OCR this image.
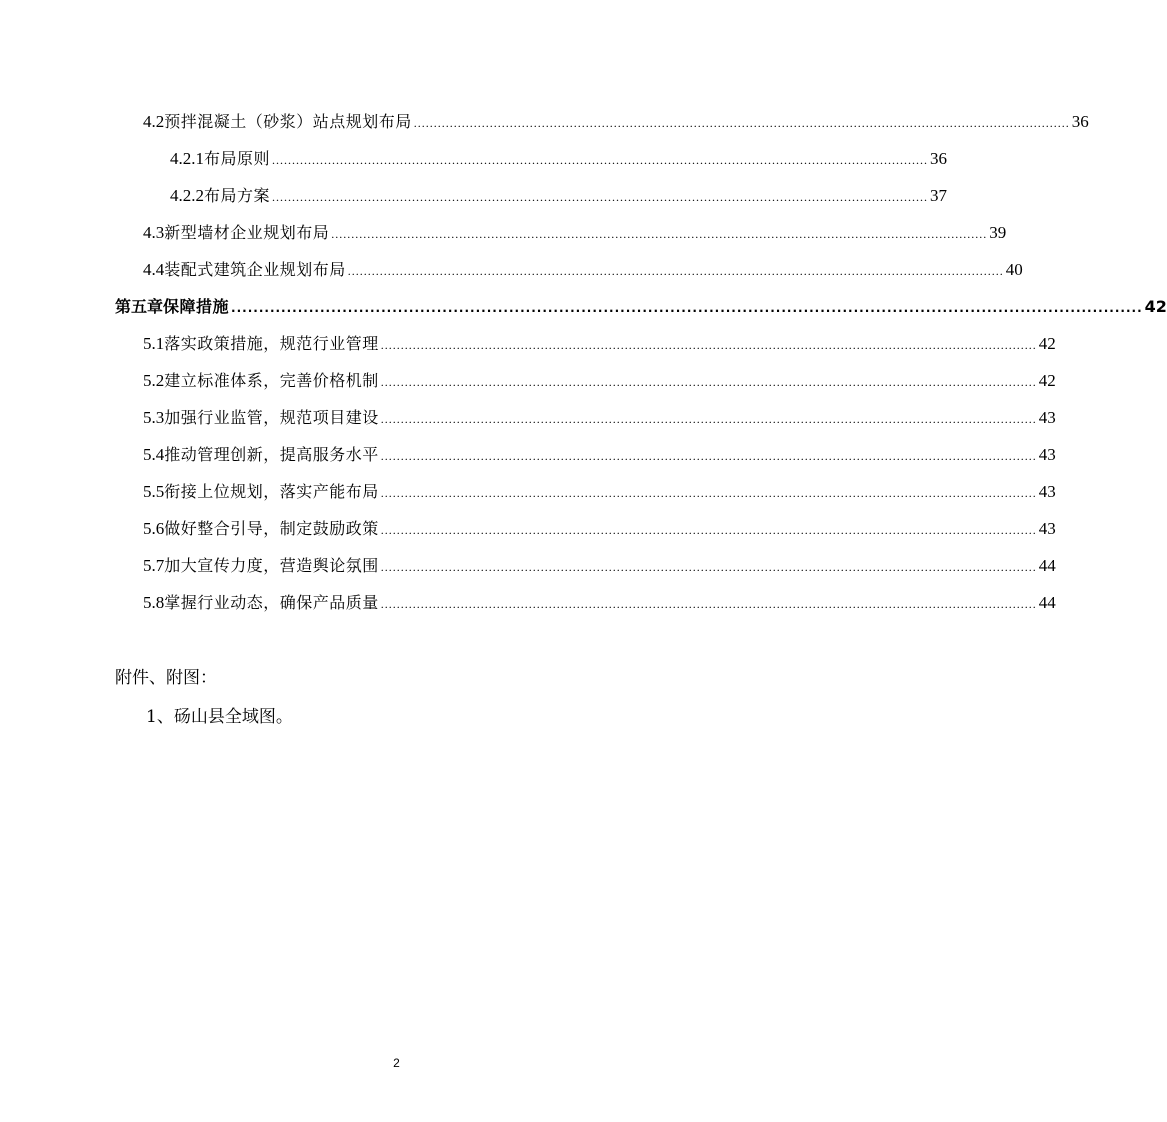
4.2 预拌混凝土（砂浆）站点规划布局 .................................................................................................................................................................... 36
4.2.1 布局原则 .................................................................................................................................................................... 36
4.2.2 布局方案 .................................................................................................................................................................... 37
4.3 新型墙材企业规划布局 .................................................................................................................................................................... 39
4.4 装配式建筑企业规划布局 .................................................................................................................................................................... 40
第五章 保障措施 .................................................................................................................................................................... 42
5.1 落实政策措施，规范行业管理 .................................................................................................................................................................... 42
5.2 建立标准体系，完善价格机制 .................................................................................................................................................................... 42
5.3 加强行业监管，规范项目建设 .................................................................................................................................................................... 43
5.4 推动管理创新，提高服务水平 .................................................................................................................................................................... 43
5.5 衔接上位规划，落实产能布局 .................................................................................................................................................................... 43
5.6 做好整合引导，制定鼓励政策 .................................................................................................................................................................... 43
5.7 加大宣传力度，营造舆论氛围 .................................................................................................................................................................... 44
5.8 掌握行业动态，确保产品质量 .................................................................................................................................................................... 44
附件、附图：
1、砀山县全域图。
2
